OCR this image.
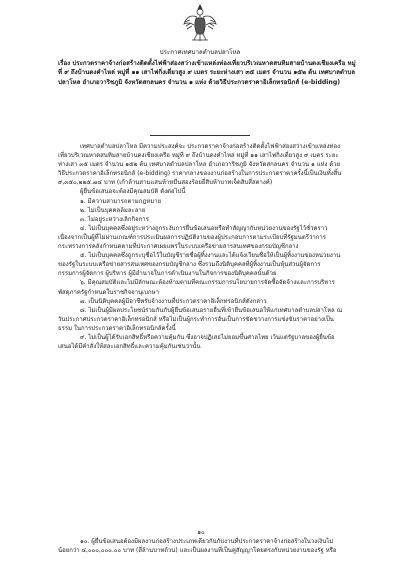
ประกาศเทศบาลตำบลปลาโหล
เรื่อง ประกวดราคาจ้างก่อสร้างติดตั้งไฟฟ้าส่องสว่างเข้าแหล่งท่องเที่ยวบริเวณหาดสนทิมสายบ้านดงเชียงเครือ หมู่ที่ ๙ ถึงบ้านดงคำไหล่ หมู่ที่ ๑๑ เสาไฟกิ่งเดี่ยวสูง ๙ เมตร ระยะห่างเสา ๓๕ เมตร จำนวน ๑๕๒ ต้น เทศบาลตำบลปลาโหล อำเภอวาริชภูมิ จังหวัดสกลนคร จำนวน ๑ แห่ง ด้วยวิธีประกวดราคาอิเล็กทรอนิกส์ (e-bidding)

เทศบาลตำบลปลาโหล มีความประสงค์จะ ประกวดราคาจ้างก่อสร้างติดตั้งไฟฟ้าส่องสว่างเข้าแหล่งท่องเที่ยวบริเวณหาดสนทิมสายบ้านดงเชียงเครือ หมู่ที่ ๙ ถึงบ้านดงคำไหล่ หมู่ที่ ๑๑ เสาไฟกิ่งเดี่ยวสูง ๙ เมตร ระยะห่างเสา ๓๕ เมตร จำนวน ๑๕๒ ต้น เทศบาลตำบลปลาโหล อำเภอวาริชภูมิ จังหวัดสกลนคร จำนวน ๑ แห่ง ด้วยวิธีประกวดราคาอิเล็กทรอนิกส์ (e-bidding) ราคากลางของงานก่อสร้างในการประกวดราคาครั้งนี้เป็นเงินทั้งสิ้น ๙,๓๕๐,๒๒๕.๗๔ บาท (เก้าล้านสามแสนห้าหมื่นสองร้อยยี่สิบห้าบาทเจ็ดสิบสี่สตางค์)

ผู้ยื่นข้อเสนอจะต้องมีคุณสมบัติ ดังต่อไปนี้

๑. มีความสามารถตามกฎหมาย

๒. ไม่เป็นบุคคลล้มละลาย

๓. ไม่อยู่ระหว่างเลิกกิจการ

๔. ไม่เป็นบุคคลซึ่งอยู่ระหว่างถูกระงับการยื่นข้อเสนอหรือทำสัญญากับหน่วยงานของรัฐไว้ชั่วคราว เนื่องจากเป็นผู้ที่ไม่ผ่านเกณฑ์การประเมินผลการปฏิบัติงานของผู้ประกอบการตามระเบียบที่รัฐมนตรีว่าการกระทรวงการคลังกำหนดตามที่ประกาศเผยแพร่ในระบบเครือข่ายสารสนเทศของกรมบัญชีกลาง

๕. ไม่เป็นบุคคลซึ่งถูกระบุชื่อไว้ในบัญชีรายชื่อผู้ทิ้งงานและได้แจ้งเวียนชื่อให้เป็นผู้ทิ้งงานของหน่วยงานของรัฐในระบบเครือข่ายสารสนเทศของกรมบัญชีกลาง ซึ่งรวมถึงนิติบุคคลที่ผู้ทิ้งงานเป็นหุ้นส่วนผู้จัดการ กรรมการผู้จัดการ ผู้บริหาร ผู้มีอำนาจในการดำเนินงานในกิจการของนิติบุคคลนั้นด้วย

๖. มีคุณสมบัติและไม่มีลักษณะต้องห้ามตามที่คณะกรรมการนโยบายการจัดซื้อจัดจ้างและการบริหารพัสดุภาครัฐกำหนดในราชกิจจานุเบกษา

๗. เป็นนิติบุคคลผู้มีอาชีพรับจ้างงานที่ประกวดราคาอิเล็กทรอนิกส์ดังกล่าว

๘. ไม่เป็นผู้มีผลประโยชน์ร่วมกันกับผู้ยื่นข้อเสนอรายอื่นที่เข้ายื่นข้อเสนอให้แก่เทศบาลตำบลปลาโหล ณ วันประกาศประกวดราคาอิเล็กทรอนิกส์ หรือไม่เป็นผู้กระทำการอันเป็นการขัดขวางการแข่งขันราคาอย่างเป็นธรรม ในการประกวดราคาอิเล็กทรอนิกส์ครั้งนี้

๙. ไม่เป็นผู้ได้รับเอกสิทธิ์หรือความคุ้มกัน ซึ่งอาจปฏิเสธไม่ยอมขึ้นศาลไทย เว้นแต่รัฐบาลของผู้ยื่นข้อเสนอได้มีคำสั่งให้สละเอกสิทธิ์และความคุ้มกันเช่นว่านั้น

๑๐

๑๐. ผู้ยื่นข้อเสนอต้องมีผลงานก่อสร้างประเภทเดียวกันกับงานที่ประกวดราคาจ้างก่อสร้างในวงเงินไม่น้อยกว่า ๔,๐๐๐,๐๐๐.๐๐ บาท (สี่ล้านบาทถ้วน) และเป็นผลงานที่เป็นคู่สัญญาโดยตรงกับหน่วยงานของรัฐ หรือ
